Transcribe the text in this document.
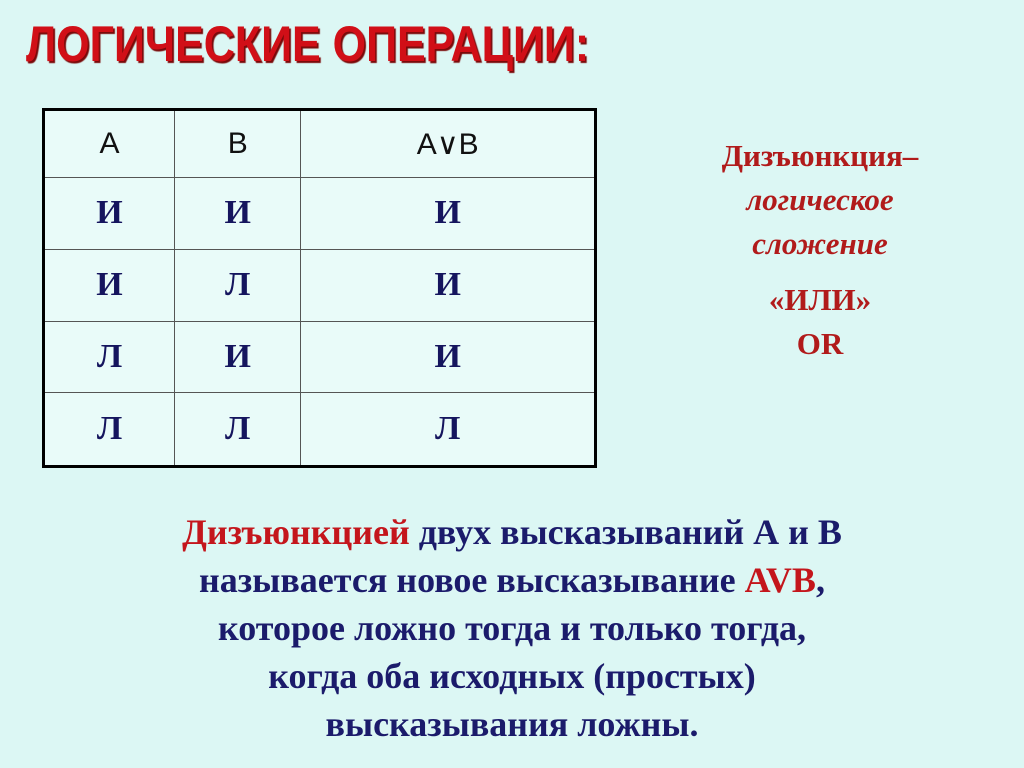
ЛОГИЧЕСКИЕ ОПЕРАЦИИ:
A	B	A∨B
И	И	И
И	Л	И
Л	И	И
Л	Л	Л
Дизъюнкция–
логическое
сложение
«ИЛИ»
OR
Дизъюнкцией двух высказываний А и В
называется новое высказывание AVB,
которое ложно тогда и только тогда,
когда оба исходных (простых)
высказывания ложны.
